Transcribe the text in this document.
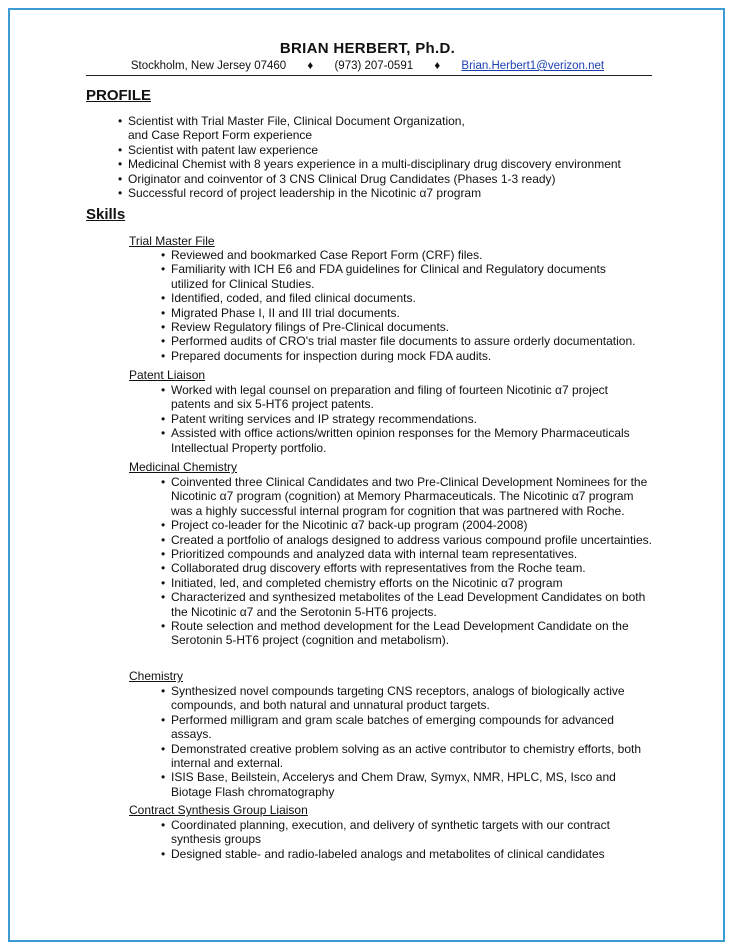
BRIAN HERBERT, Ph.D.
Stockholm, New Jersey 07460 ♦ (973) 207-0591 ♦ Brian.Herbert1@verizon.net
PROFILE
• Scientist with Trial Master File, Clinical Document Organization, and Case Report Form experience
• Scientist with patent law experience
• Medicinal Chemist with 8 years experience in a multi-disciplinary drug discovery environment
• Originator and coinventor of 3 CNS Clinical Drug Candidates (Phases 1-3 ready)
• Successful record of project leadership in the Nicotinic α7 program
Skills
Trial Master File
• Reviewed and bookmarked Case Report Form (CRF) files.
• Familiarity with ICH E6 and FDA guidelines for Clinical and Regulatory documents utilized for Clinical Studies.
• Identified, coded, and filed clinical documents.
• Migrated Phase I, II and III trial documents.
• Review Regulatory filings of Pre-Clinical documents.
• Performed audits of CRO's trial master file documents to assure orderly documentation.
• Prepared documents for inspection during mock FDA audits.
Patent Liaison
• Worked with legal counsel on preparation and filing of fourteen Nicotinic α7 project patents and six 5-HT6 project patents.
• Patent writing services and IP strategy recommendations.
• Assisted with office actions/written opinion responses for the Memory Pharmaceuticals Intellectual Property portfolio.
Medicinal Chemistry
• Coinvented three Clinical Candidates and two Pre-Clinical Development Nominees for the Nicotinic α7 program (cognition) at Memory Pharmaceuticals. The Nicotinic α7 program was a highly successful internal program for cognition that was partnered with Roche.
• Project co-leader for the Nicotinic α7 back-up program (2004-2008)
• Created a portfolio of analogs designed to address various compound profile uncertainties.
• Prioritized compounds and analyzed data with internal team representatives.
• Collaborated drug discovery efforts with representatives from the Roche team.
• Initiated, led, and completed chemistry efforts on the Nicotinic α7 program
• Characterized and synthesized metabolites of the Lead Development Candidates on both the Nicotinic α7 and the Serotonin 5-HT6 projects.
• Route selection and method development for the Lead Development Candidate on the Serotonin 5-HT6 project (cognition and metabolism).
Chemistry
• Synthesized novel compounds targeting CNS receptors, analogs of biologically active compounds, and both natural and unnatural product targets.
• Performed milligram and gram scale batches of emerging compounds for advanced assays.
• Demonstrated creative problem solving as an active contributor to chemistry efforts, both internal and external.
• ISIS Base, Beilstein, Accelerys and Chem Draw, Symyx, NMR, HPLC, MS, Isco and Biotage Flash chromatography
Contract Synthesis Group Liaison
• Coordinated planning, execution, and delivery of synthetic targets with our contract synthesis groups
• Designed stable- and radio-labeled analogs and metabolites of clinical candidates
